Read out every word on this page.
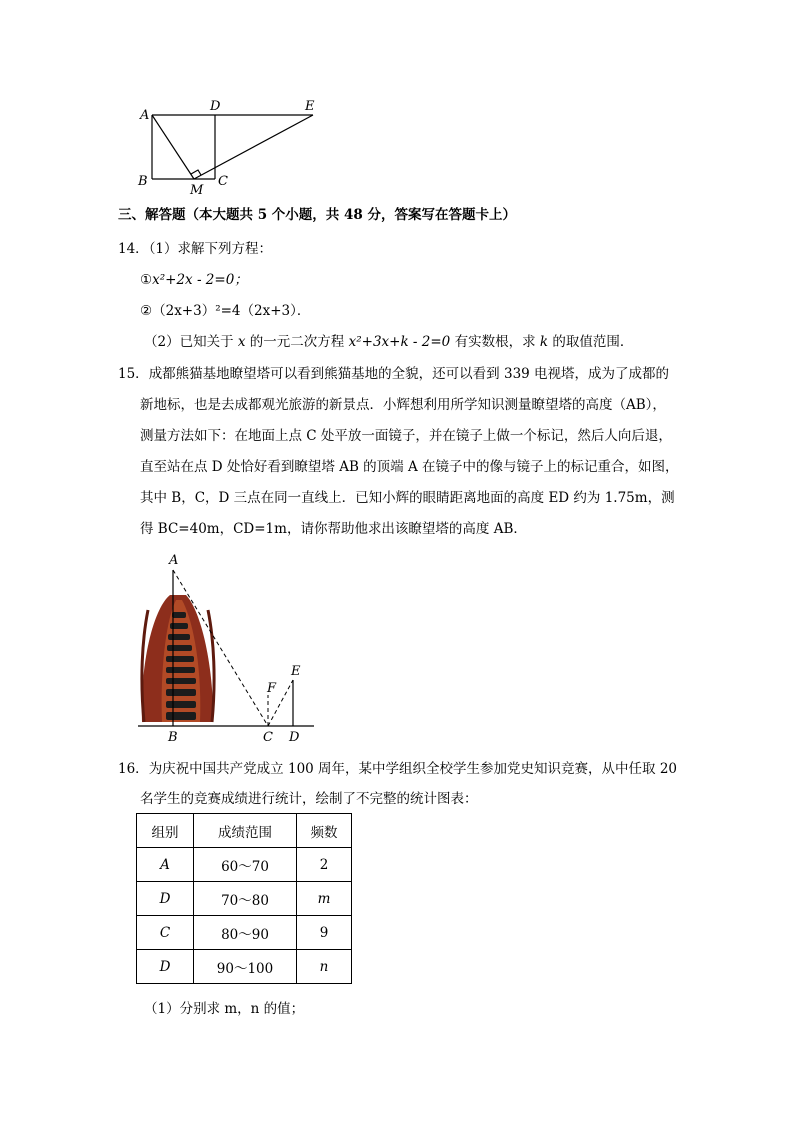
A
B
M
C
D	E
三、解答题（本大题共 5 个小题，共 48 分，答案写在答题卡上）
14．（1）求解下列方程：
①x²+2x - 2=0；
②（2x+3）²=4（2x+3）．
（2）已知关于 x 的一元二次方程 x²+3x+k - 2=0 有实数根，求 k 的取值范围．
15．成都熊猫基地瞭望塔可以看到熊猫基地的全貌，还可以看到 339 电视塔，成为了成都的
新地标，也是去成都观光旅游的新景点．小辉想利用所学知识测量瞭望塔的高度（AB），
测量方法如下：在地面上点 C 处平放一面镜子，并在镜子上做一个标记，然后人向后退，
直至站在点 D 处恰好看到瞭望塔 AB 的顶端 A 在镜子中的像与镜子上的标记重合，如图，
其中 B，C，D 三点在同一直线上．已知小辉的眼睛距离地面的高度 ED 约为 1.75m，测
得 BC=40m，CD=1m，请你帮助他求出该瞭望塔的高度 AB．
A
B	C D
E
F
16．为庆祝中国共产党成立 100 周年，某中学组织全校学生参加党史知识竞赛，从中任取 20
名学生的竞赛成绩进行统计，绘制了不完整的统计图表：
组别	成绩范围	频数
A	60～70	2
D	70～80	m
C	80～90	9
D	90～100	n
（1）分别求 m，n 的值；
